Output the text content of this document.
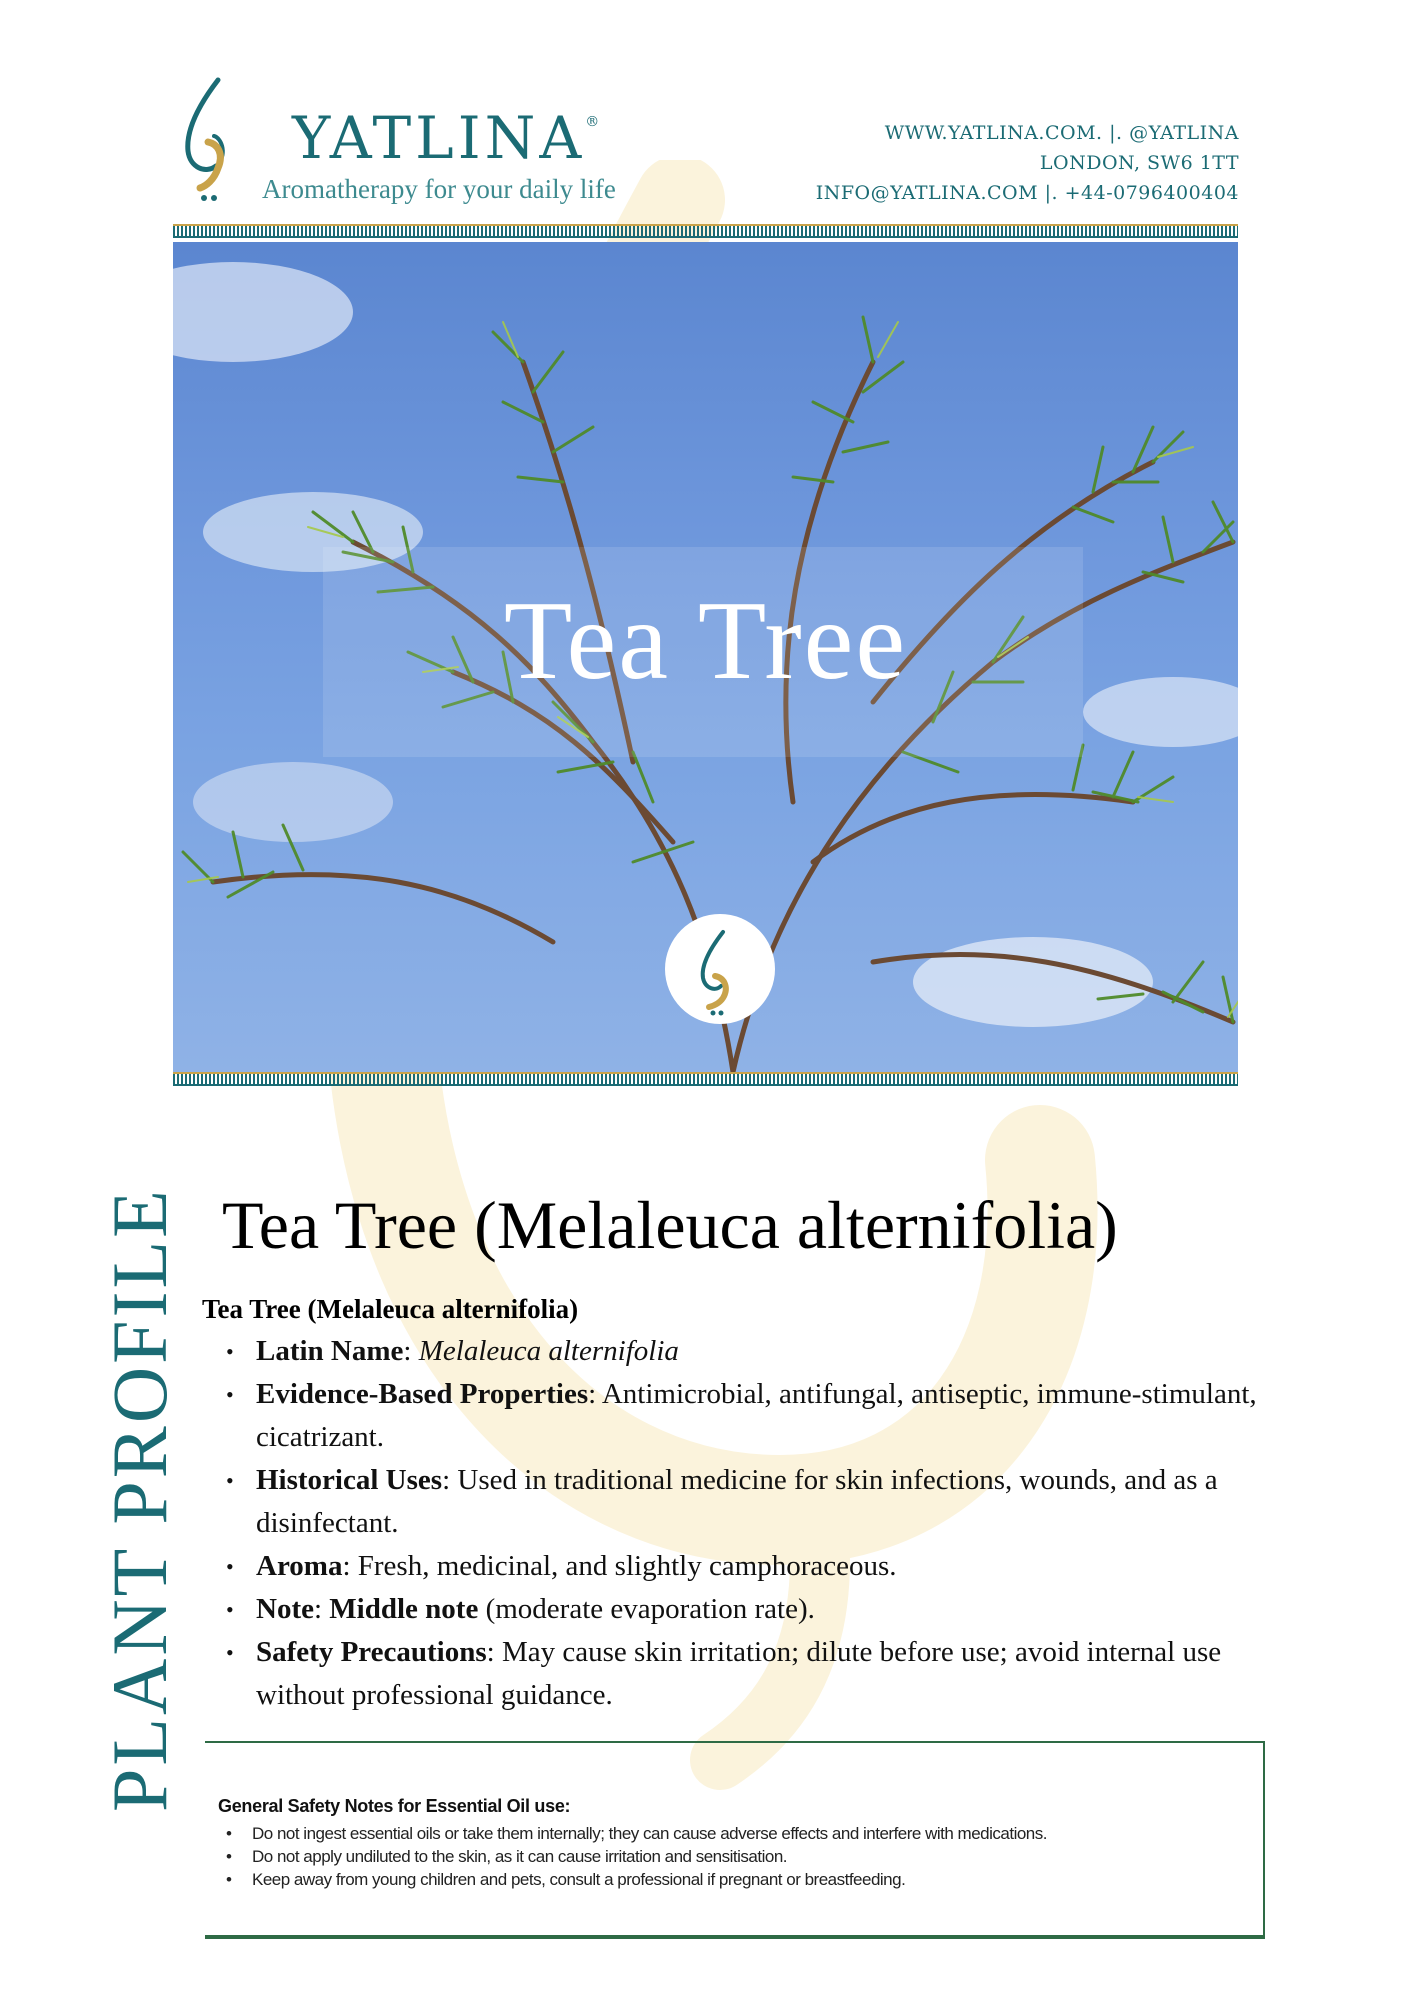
YATLINA®
Aromatherapy for your daily life
WWW.YATLINA.COM. |. @YATLINA
LONDON, SW6 1TT
INFO@YATLINA.COM |. +44-0796400404
Tea Tree
PLANT PROFILE Tea Tree (Melaleuca alternifolia)
Tea Tree (Melaleuca alternifolia)
• Latin Name: Melaleuca alternifolia
• Evidence-Based Properties: Antimicrobial, antifungal, antiseptic, immune-stimulant, cicatrizant.
• Historical Uses: Used in traditional medicine for skin infections, wounds, and as a disinfectant.
• Aroma: Fresh, medicinal, and slightly camphoraceous.
• Note: Middle note (moderate evaporation rate).
• Safety Precautions: May cause skin irritation; dilute before use; avoid internal use without professional guidance.
General Safety Notes for Essential Oil use:
• Do not ingest essential oils or take them internally; they can cause adverse effects and interfere with medications.
• Do not apply undiluted to the skin, as it can cause irritation and sensitisation.
• Keep away from young children and pets, consult a professional if pregnant or breastfeeding.
